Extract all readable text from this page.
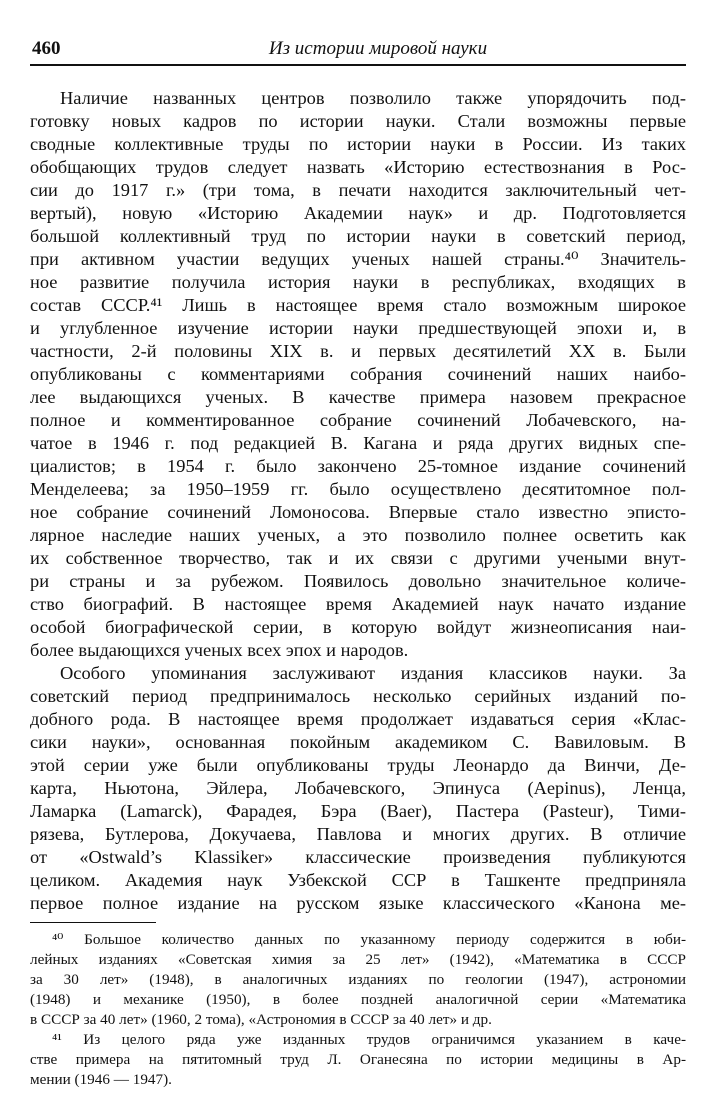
460	Из истории мировой науки
Наличие названных центров позволило также упорядочить под-
готовку новых кадров по истории науки. Стали возможны первые
сводные коллективные труды по истории науки в России. Из таких
обобщающих трудов следует назвать «Историю естествознания в Рос-
сии до 1917 г.» (три тома, в печати находится заключительный чет-
вертый), новую «Историю Академии наук» и др. Подготовляется
большой коллективный труд по истории науки в советский период,
при активном участии ведущих ученых нашей страны.⁴⁰ Значитель-
ное развитие получила история науки в республиках, входящих в
состав СССР.⁴¹ Лишь в настоящее время стало возможным широкое
и углубленное изучение истории науки предшествующей эпохи и, в
частности, 2-й половины XIX в. и первых десятилетий XX в. Были
опубликованы с комментариями собрания сочинений наших наибо-
лее выдающихся ученых. В качестве примера назовем прекрасное
полное и комментированное собрание сочинений Лобачевского, на-
чатое в 1946 г. под редакцией В. Кагана и ряда других видных спе-
циалистов; в 1954 г. было закончено 25-томное издание сочинений
Менделеева; за 1950–1959 гг. было осуществлено десятитомное пол-
ное собрание сочинений Ломоносова. Впервые стало известно эписто-
лярное наследие наших ученых, а это позволило полнее осветить как
их собственное творчество, так и их связи с другими учеными внут-
ри страны и за рубежом. Появилось довольно значительное количе-
ство биографий. В настоящее время Академией наук начато издание
особой биографической серии, в которую войдут жизнеописания наи-
более выдающихся ученых всех эпох и народов.
Особого упоминания заслуживают издания классиков науки. За
советский период предпринималось несколько серийных изданий по-
добного рода. В настоящее время продолжает издаваться серия «Клас-
сики науки», основанная покойным академиком С. Вавиловым. В
этой серии уже были опубликованы труды Леонардо да Винчи, Де-
карта, Ньютона, Эйлера, Лобачевского, Эпинуса (Aepinus), Ленца,
Ламарка (Lamarck), Фарадея, Бэра (Baer), Пастера (Pasteur), Тими-
рязева, Бутлерова, Докучаева, Павлова и многих других. В отличие
от «Ostwald’s Klassiker» классические произведения публикуются
целиком. Академия наук Узбекской ССР в Ташкенте предприняла
первое полное издание на русском языке классического «Канона ме-
⁴⁰ Большое количество данных по указанному периоду содержится в юби-
лейных изданиях «Советская химия за 25 лет» (1942), «Математика в СССР
за 30 лет» (1948), в аналогичных изданиях по геологии (1947), астрономии
(1948) и механике (1950), в более поздней аналогичной серии «Математика
в СССР за 40 лет» (1960, 2 тома), «Астрономия в СССР за 40 лет» и др.
⁴¹ Из целого ряда уже изданных трудов ограничимся указанием в каче-
стве примера на пятитомный труд Л. Оганесяна по истории медицины в Ар-
мении (1946 — 1947).
